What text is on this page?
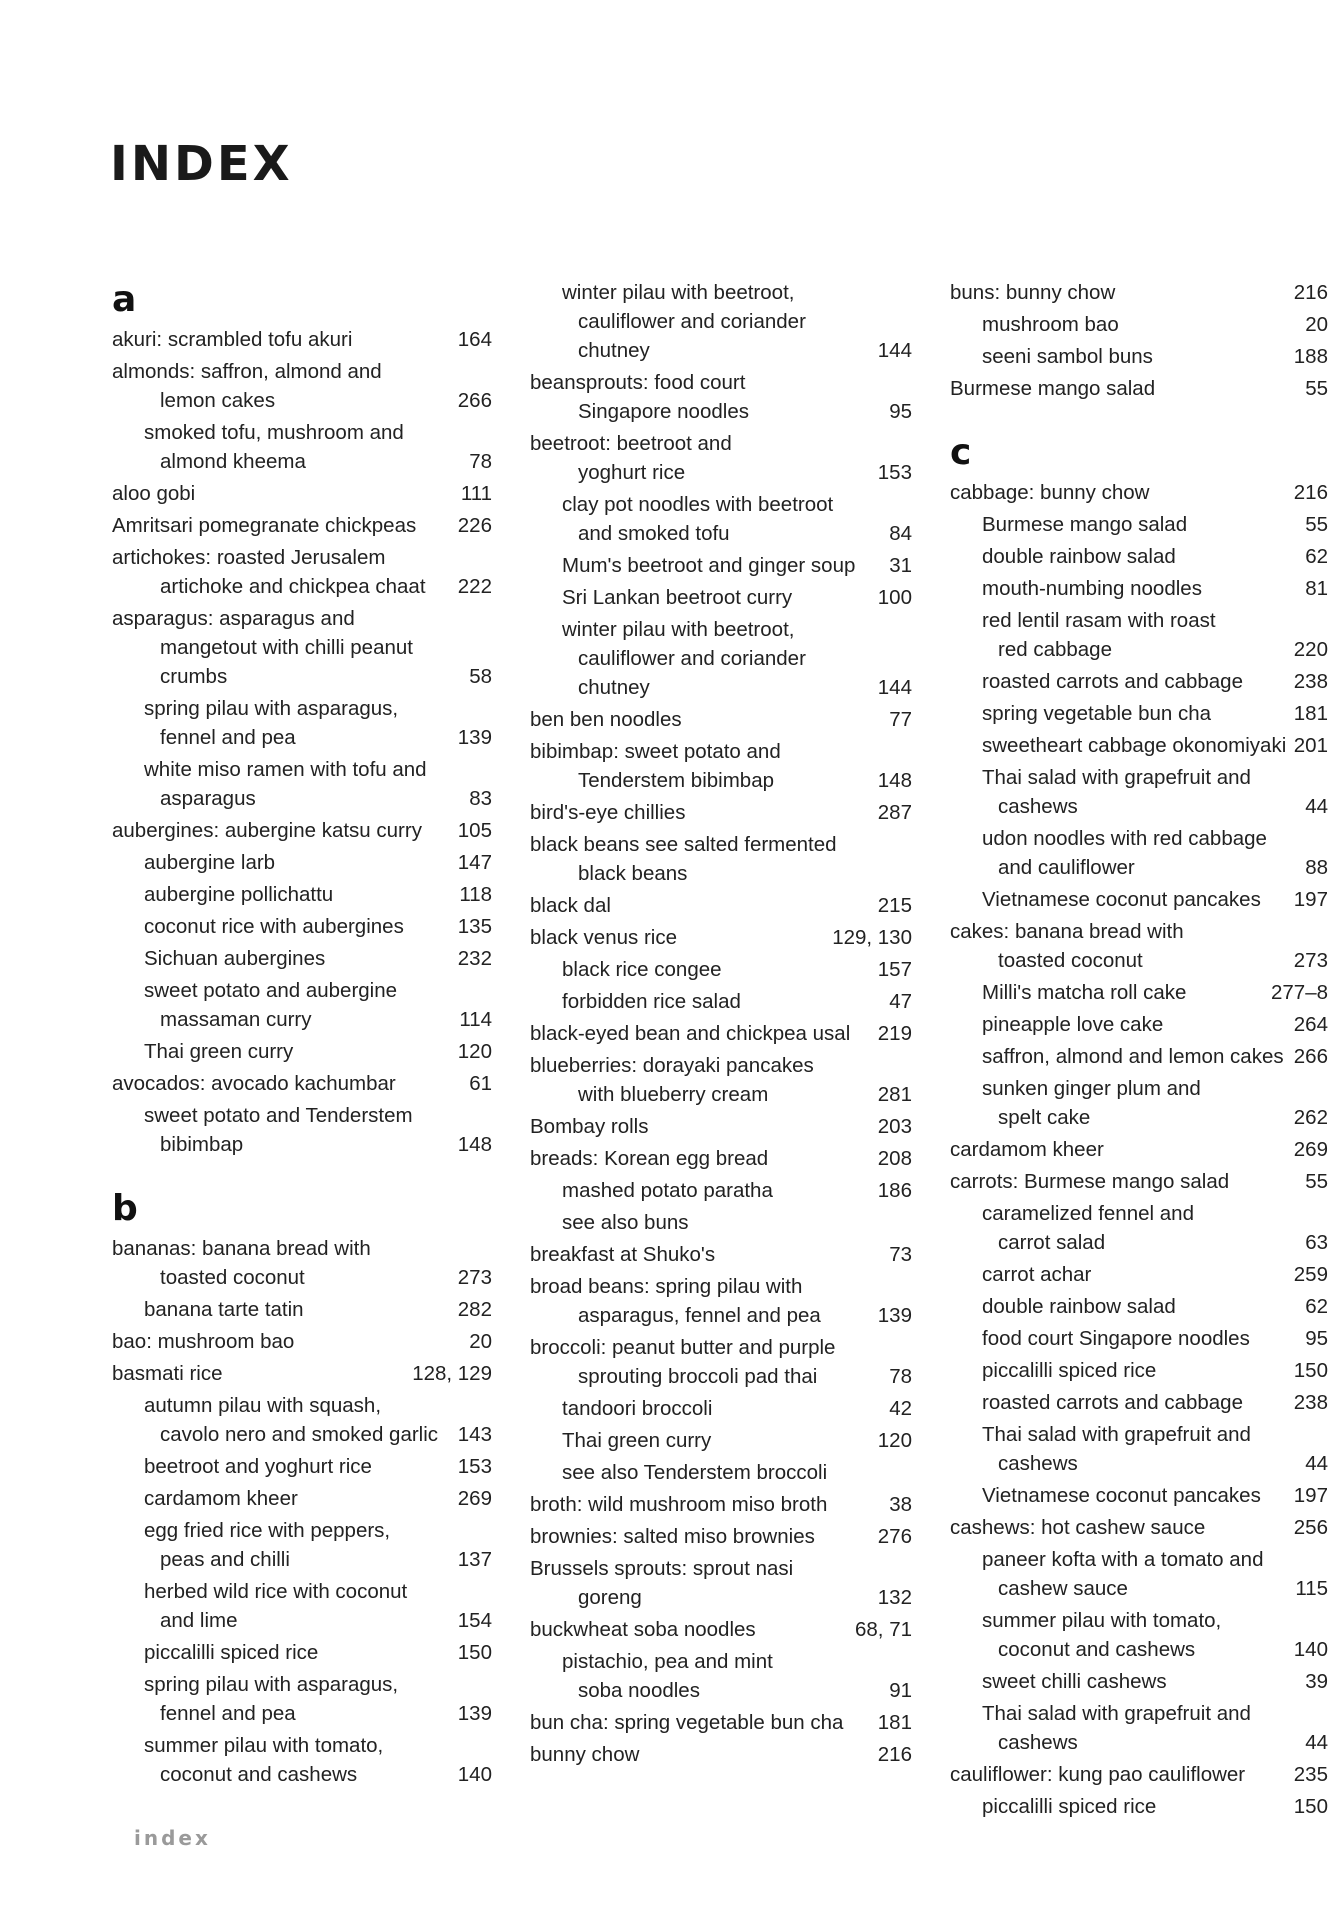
INDEX
a
akuri: scrambled tofu akuri	164
almonds: saffron, almond and
lemon cakes	266
smoked tofu, mushroom and
almond kheema	78
aloo gobi	111
Amritsari pomegranate chickpeas 226
artichokes: roasted Jerusalem
artichoke and chickpea chaat 222
asparagus: asparagus and
mangetout with chilli peanut
crumbs	58
spring pilau with asparagus,
fennel and pea	139
white miso ramen with tofu and
asparagus	83
aubergines: aubergine katsu curry 105
aubergine larb	147
aubergine pollichattu	118
coconut rice with aubergines	135
Sichuan aubergines	232
sweet potato and aubergine
massaman curry	114
Thai green curry	120
avocados: avocado kachumbar	61
sweet potato and Tenderstem
bibimbap	148
b
bananas: banana bread with
toasted coconut	273
banana tarte tatin	282
bao: mushroom bao	20
basmati rice	128, 129
autumn pilau with squash,
cavolo nero and smoked garlic 143
beetroot and yoghurt rice	153
cardamom kheer	269
egg fried rice with peppers,
peas and chilli	137
herbed wild rice with coconut
and lime	154
piccalilli spiced rice	150
spring pilau with asparagus,
fennel and pea	139
summer pilau with tomato,
coconut and cashews	140
winter pilau with beetroot,
cauliflower and coriander
chutney	144
beansprouts: food court
Singapore noodles	95
beetroot: beetroot and
yoghurt rice	153
clay pot noodles with beetroot
and smoked tofu	84
Mum's beetroot and ginger soup 31
Sri Lankan beetroot curry	100
winter pilau with beetroot,
cauliflower and coriander
chutney	144
ben ben noodles	77
bibimbap: sweet potato and
Tenderstem bibimbap	148
bird's-eye chillies	287
black beans see salted fermented
black beans
black dal	215
black venus rice	129, 130
black rice congee	157
forbidden rice salad	47
black-eyed bean and chickpea usal 219
blueberries: dorayaki pancakes
with blueberry cream	281
Bombay rolls	203
breads: Korean egg bread	208
mashed potato paratha	186
see also buns
breakfast at Shuko's	73
broad beans: spring pilau with
asparagus, fennel and pea	139
broccoli: peanut butter and purple
sprouting broccoli pad thai	78
tandoori broccoli	42
Thai green curry	120
see also Tenderstem broccoli
broth: wild mushroom miso broth	38
brownies: salted miso brownies	276
Brussels sprouts: sprout nasi
goreng	132
buckwheat soba noodles	68, 71
pistachio, pea and mint
soba noodles	91
bun cha: spring vegetable bun cha 181
bunny chow	216
buns: bunny chow	216
mushroom bao	20
seeni sambol buns	188
Burmese mango salad	55
c
cabbage: bunny chow	216
Burmese mango salad	55
double rainbow salad	62
mouth-numbing noodles	81
red lentil rasam with roast
red cabbage	220
roasted carrots and cabbage 238
spring vegetable bun cha	181
sweetheart cabbage okonomiyaki 201
Thai salad with grapefruit and
cashews	44
udon noodles with red cabbage
and cauliflower	88
Vietnamese coconut pancakes 197
cakes: banana bread with
toasted coconut	273
Milli's matcha roll cake	277–8
pineapple love cake	264
saffron, almond and lemon cakes 266
sunken ginger plum and
spelt cake	262
cardamom kheer	269
carrots: Burmese mango salad	55
caramelized fennel and
carrot salad	63
carrot achar	259
double rainbow salad	62
food court Singapore noodles	95
piccalilli spiced rice	150
roasted carrots and cabbage 238
Thai salad with grapefruit and
cashews	44
Vietnamese coconut pancakes 197
cashews: hot cashew sauce	256
paneer kofta with a tomato and
cashew sauce	115
summer pilau with tomato,
coconut and cashews	140
sweet chilli cashews	39
Thai salad with grapefruit and
cashews	44
cauliflower: kung pao cauliflower 235
piccalilli spiced rice	150
index
